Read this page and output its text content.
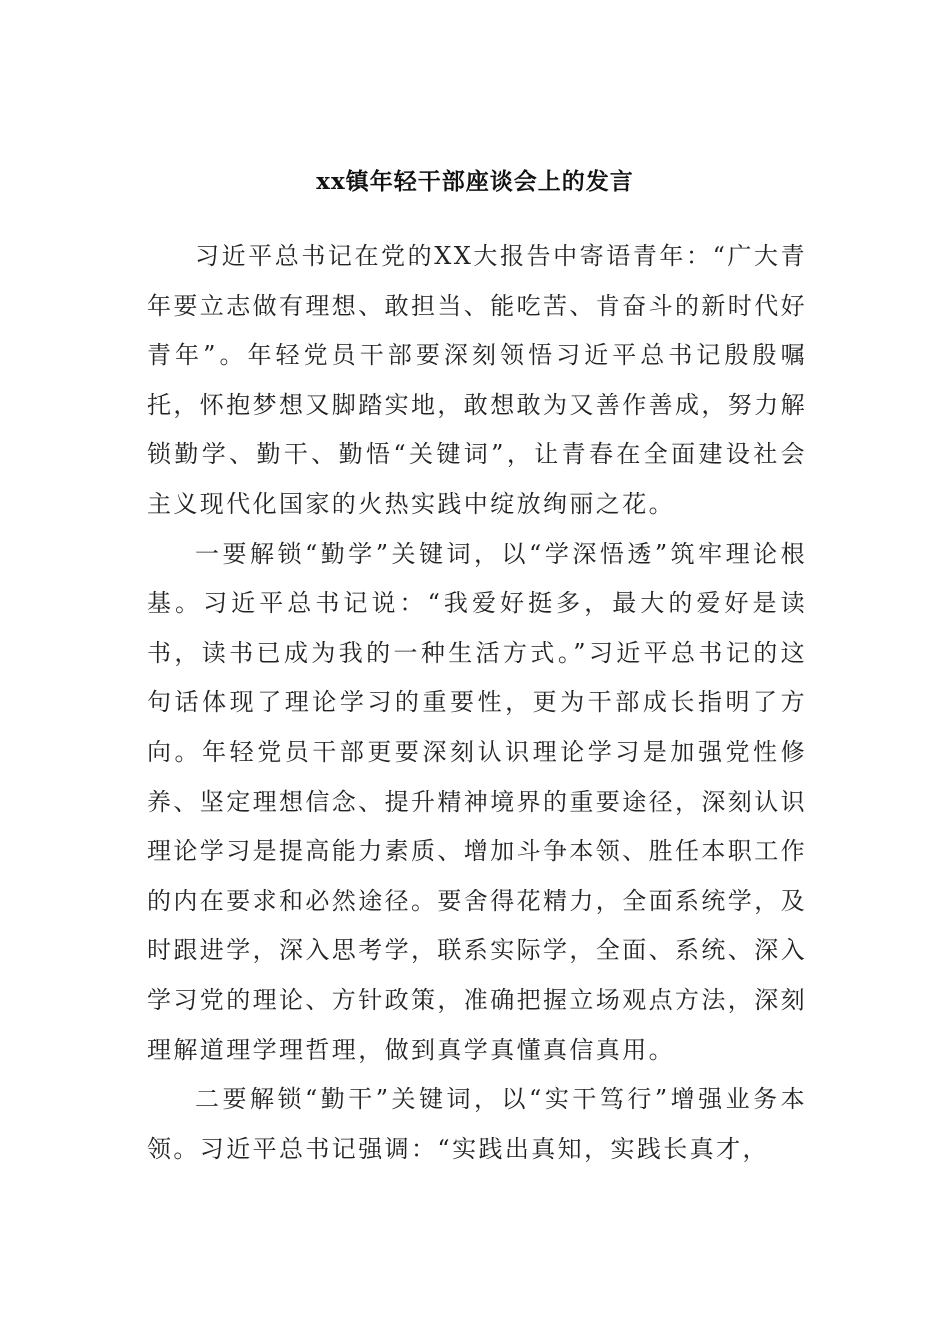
xx镇年轻干部座谈会上的发言

习近平总书记在党的XX大报告中寄语青年：“广大青年要立志做有理想、敢担当、能吃苦、肯奋斗的新时代好青年”。年轻党员干部要深刻领悟习近平总书记殷殷嘱托，怀抱梦想又脚踏实地，敢想敢为又善作善成，努力解锁勤学、勤干、勤悟“关键词”，让青春在全面建设社会主义现代化国家的火热实践中绽放绚丽之花。

一要解锁“勤学”关键词，以“学深悟透”筑牢理论根基。习近平总书记说：“我爱好挺多，最大的爱好是读书，读书已成为我的一种生活方式。”习近平总书记的这句话体现了理论学习的重要性，更为干部成长指明了方向。年轻党员干部更要深刻认识理论学习是加强党性修养、坚定理想信念、提升精神境界的重要途径，深刻认识理论学习是提高能力素质、增加斗争本领、胜任本职工作的内在要求和必然途径。要舍得花精力，全面系统学，及时跟进学，深入思考学，联系实际学，全面、系统、深入学习党的理论、方针政策，准确把握立场观点方法，深刻理解道理学理哲理，做到真学真懂真信真用。

二要解锁“勤干”关键词，以“实干笃行”增强业务本领。习近平总书记强调：“实践出真知，实践长真才，
